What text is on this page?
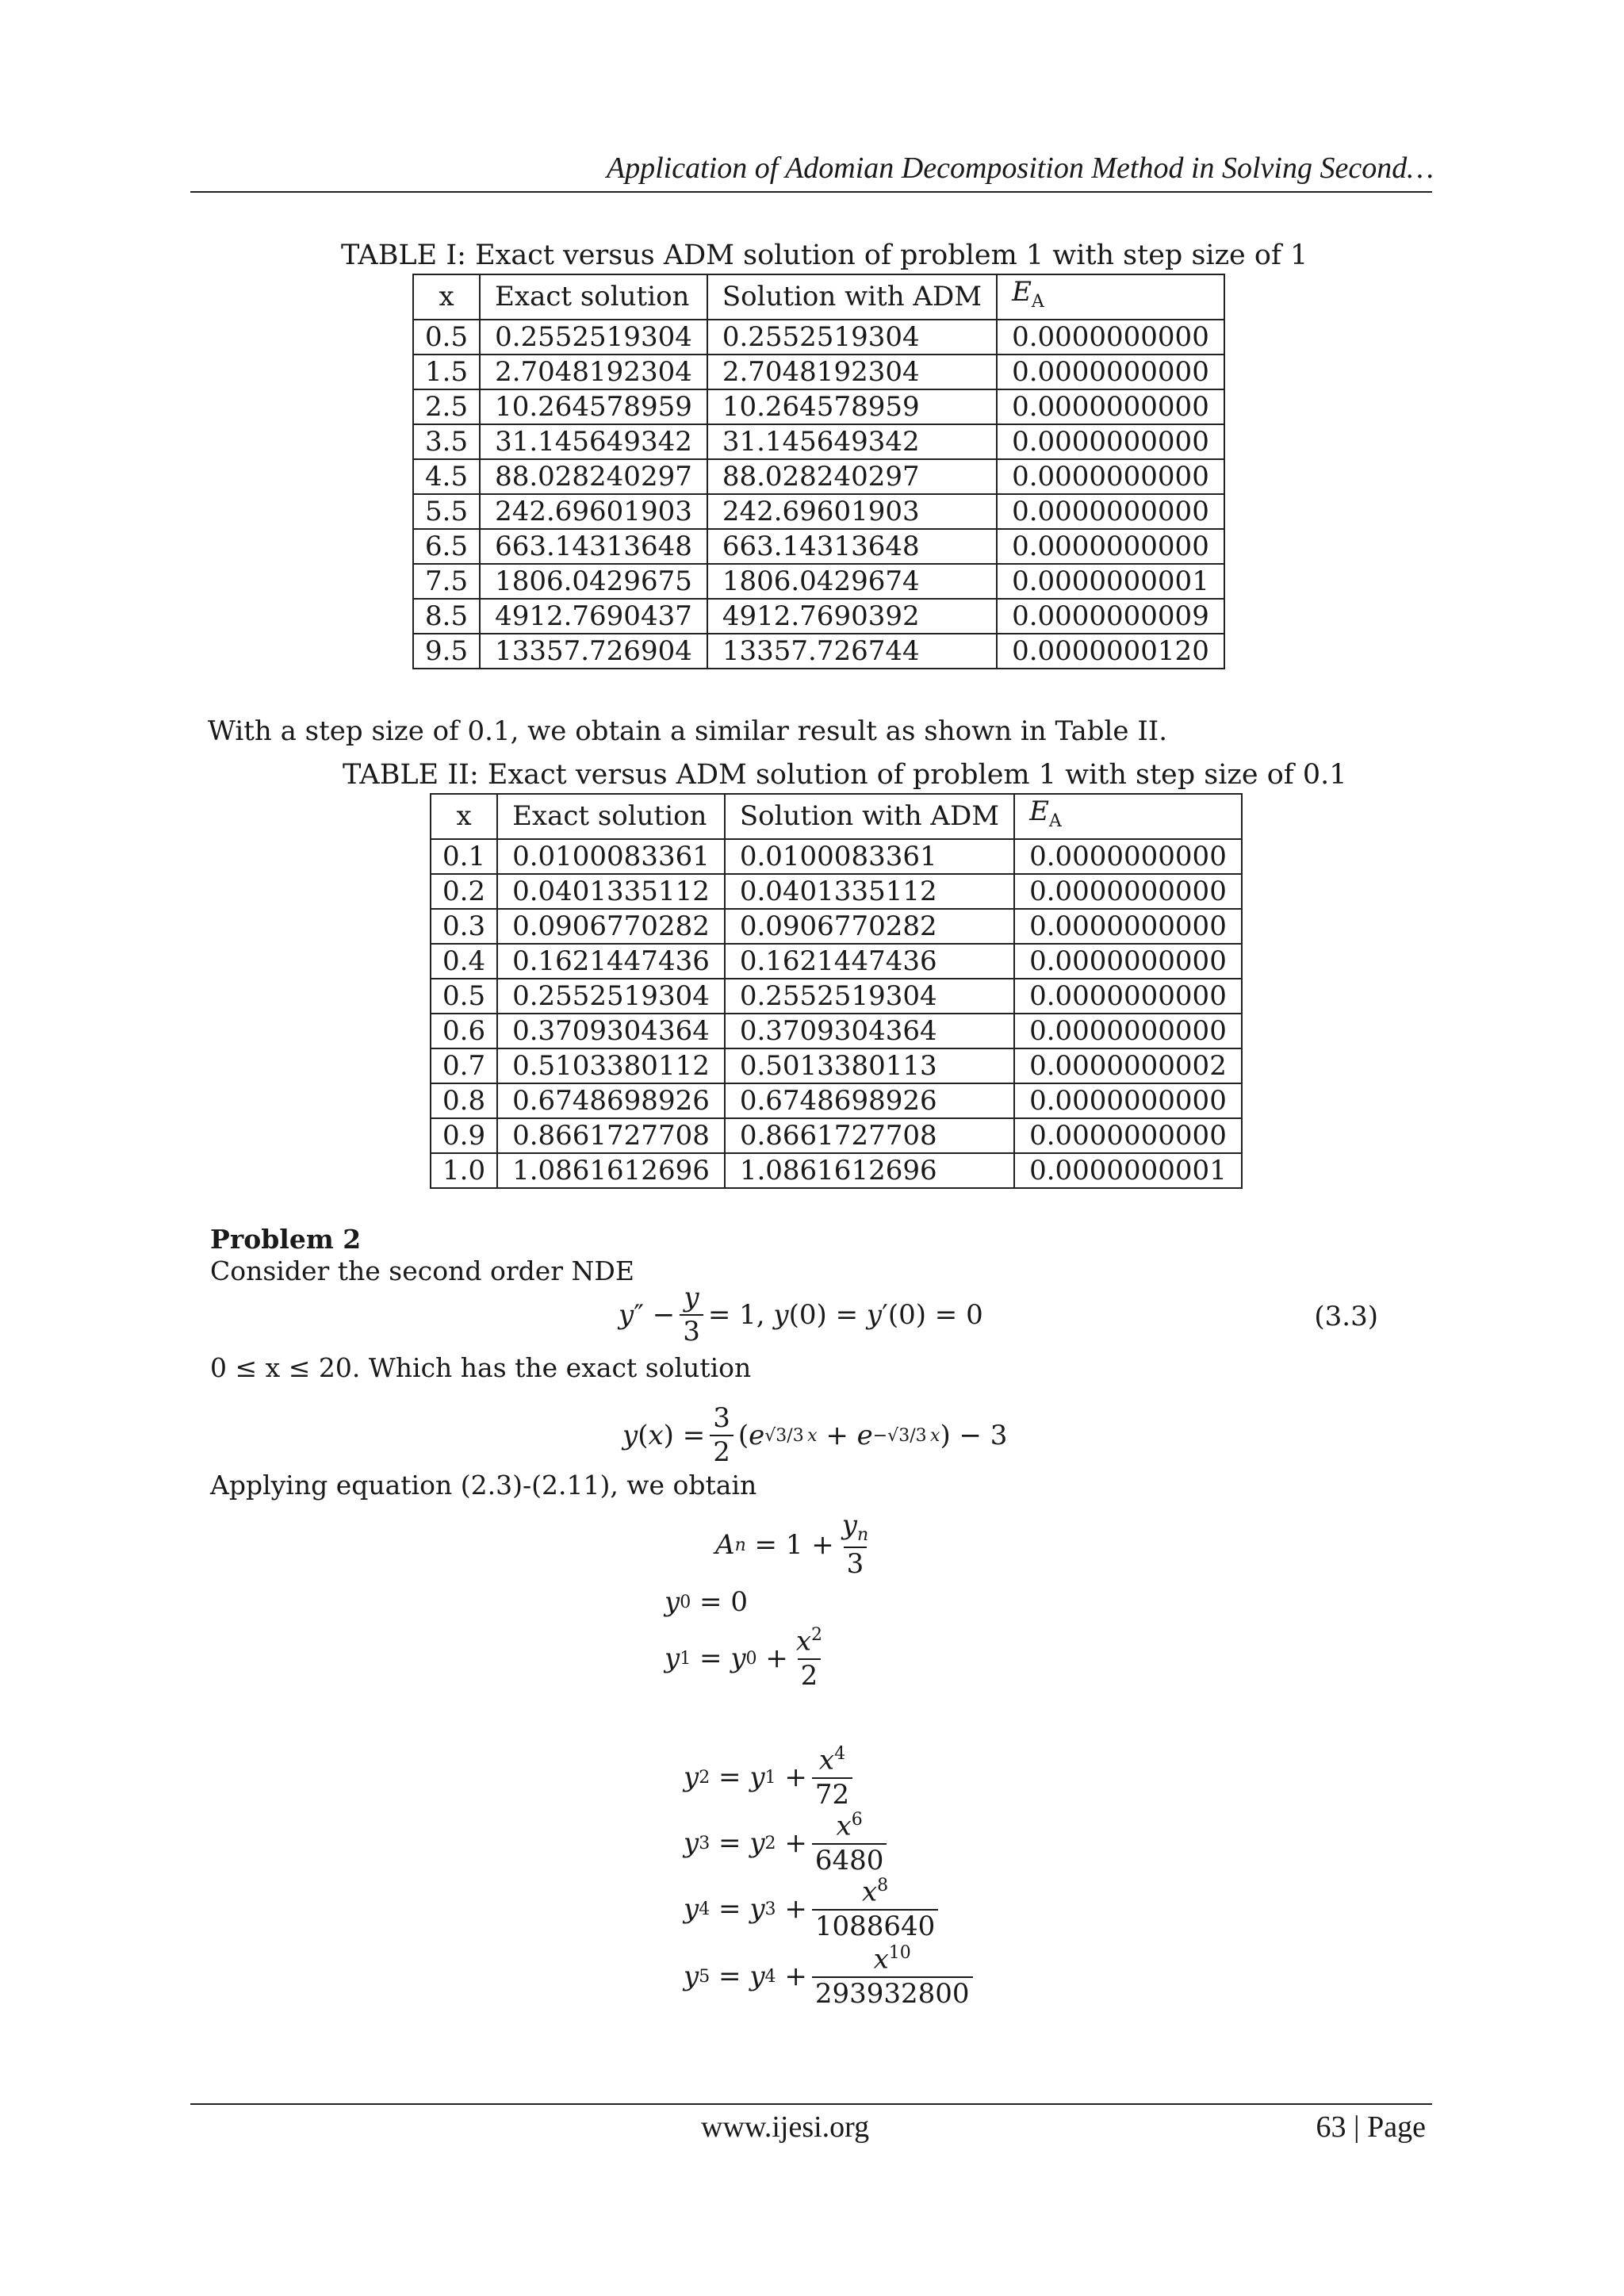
Application of Adomian Decomposition Method in Solving Second…
TABLE I: Exact versus ADM solution of problem 1 with step size of 1
x	Exact solution	Solution with ADM	$E_A$
0.5	0.2552519304	0.2552519304	0.0000000000
1.5	2.7048192304	2.7048192304	0.0000000000
2.5	10.264578959	10.264578959	0.0000000000
3.5	31.145649342	31.145649342	0.0000000000
4.5	88.028240297	88.028240297	0.0000000000
5.5	242.69601903	242.69601903	0.0000000000
6.5	663.14313648	663.14313648	0.0000000000
7.5	1806.0429675	1806.0429674	0.0000000001
8.5	4912.7690437	4912.7690392	0.0000000009
9.5	13357.726904	13357.726744	0.0000000120
With a step size of 0.1, we obtain a similar result as shown in Table II.
TABLE II: Exact versus ADM solution of problem 1 with step size of 0.1
x	Exact solution	Solution with ADM	$E_A$
0.1	0.0100083361	0.0100083361	0.0000000000
0.2	0.0401335112	0.0401335112	0.0000000000
0.3	0.0906770282	0.0906770282	0.0000000000
0.4	0.1621447436	0.1621447436	0.0000000000
0.5	0.2552519304	0.2552519304	0.0000000000
0.6	0.3709304364	0.3709304364	0.0000000000
0.7	0.5103380112	0.5013380113	0.0000000002
0.8	0.6748698926	0.6748698926	0.0000000000
0.9	0.8661727708	0.8661727708	0.0000000000
1.0	1.0861612696	1.0861612696	0.0000000001
Problem 2
Consider the second order NDE
y ″ − $\frac{y}{3} = 1$, y (0) = y ′(0) = 0	(3.3)
0 ≤ x ≤ 20. Which has the exact solution
y ( x ) = $\frac{3}{2}$ ( e √3/3 x + e −√3/3 x ) − 3
Applying equation (2.3)-(2.11), we obtain
A $n = 1 + \frac{y_n}{3}$
y 0 = 0
y 1 = y $0 + \frac{x^2}{2}$
y 2 = y $1 + \frac{x^4}{72}$
y 3 = y $2 + \frac{x^6}{6480}$
y 4 = y $3 + \frac{x^8}{1088640}$
y 5 = y $4 + \frac{x^{10}}{293932800}$
www.ijesi.org	63 | Page
